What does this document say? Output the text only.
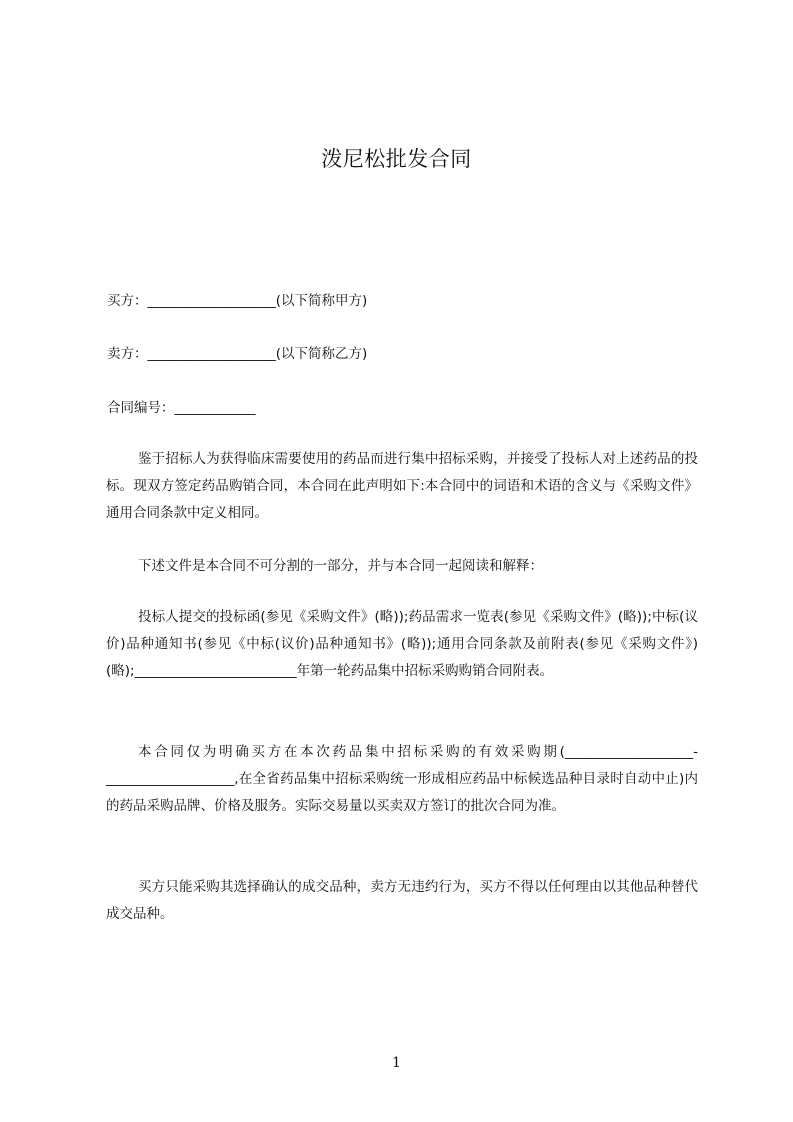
泼尼松批发合同
买方：___________________(以下简称甲方)
卖方：___________________(以下简称乙方)
合同编号：____________
鉴于招标人为获得临床需要使用的药品而进行集中招标采购，并接受了投标人对上述药品的投标。现双方签定药品购销合同，本合同在此声明如下:本合同中的词语和术语的含义与《采购文件》通用合同条款中定义相同。
下述文件是本合同不可分割的一部分，并与本合同一起阅读和解释：
投标人提交的投标函(参见《采购文件》(略));药品需求一览表(参见《采购文件》(略));中标(议价)品种通知书(参见《中标(议价)品种通知书》(略));通用合同条款及前附表(参见《采购文件》)(略);________________________年第一轮药品集中招标采购购销合同附表。
本合同仅为明确买方在本次药品集中招标采购的有效采购期(___________________-___________________,在全省药品集中招标采购统一形成相应药品中标候选品种目录时自动中止)内的药品采购品牌、价格及服务。实际交易量以买卖双方签订的批次合同为准。
买方只能采购其选择确认的成交品种，卖方无违约行为，买方不得以任何理由以其他品种替代成交品种。
1
